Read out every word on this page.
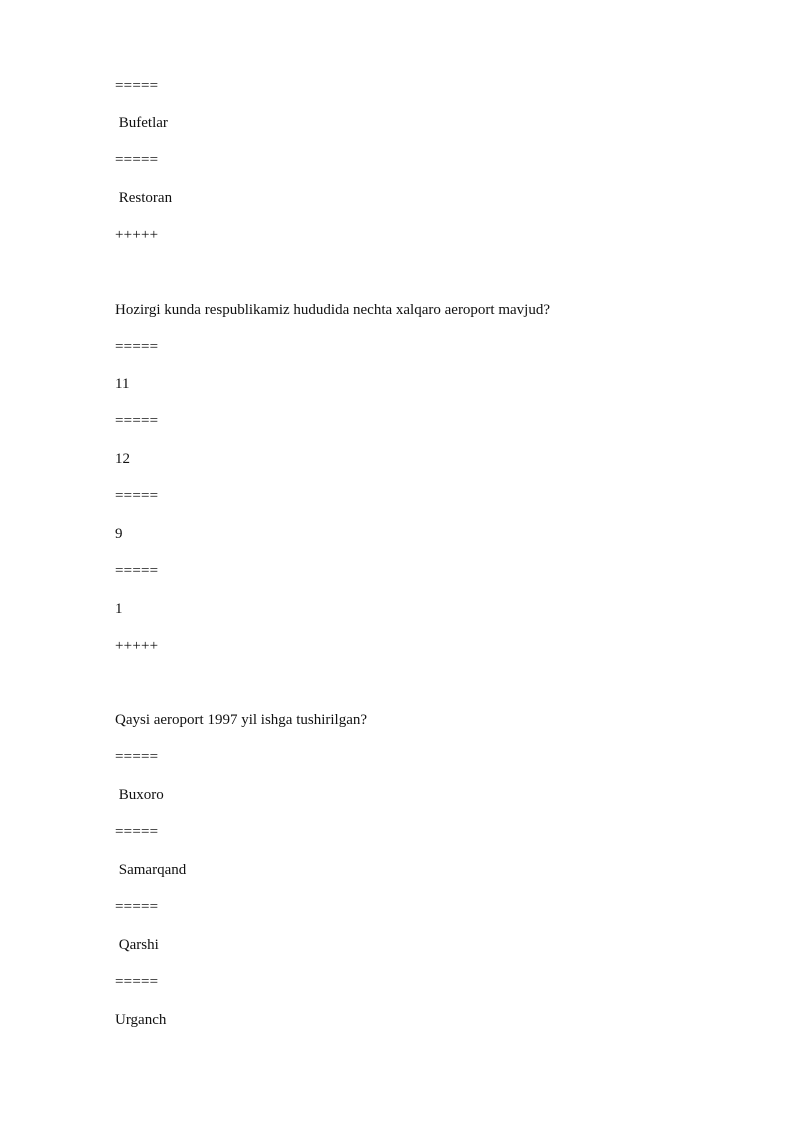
=====
Bufetlar
=====
Restoran
+++++
Hozirgi kunda respublikamiz hududida nechta xalqaro aeroport mavjud?
=====
11
=====
12
=====
9
=====
1
+++++
Qaysi aeroport 1997 yil ishga tushirilgan?
=====
Buxoro
=====
Samarqand
=====
Qarshi
=====
Urganch
